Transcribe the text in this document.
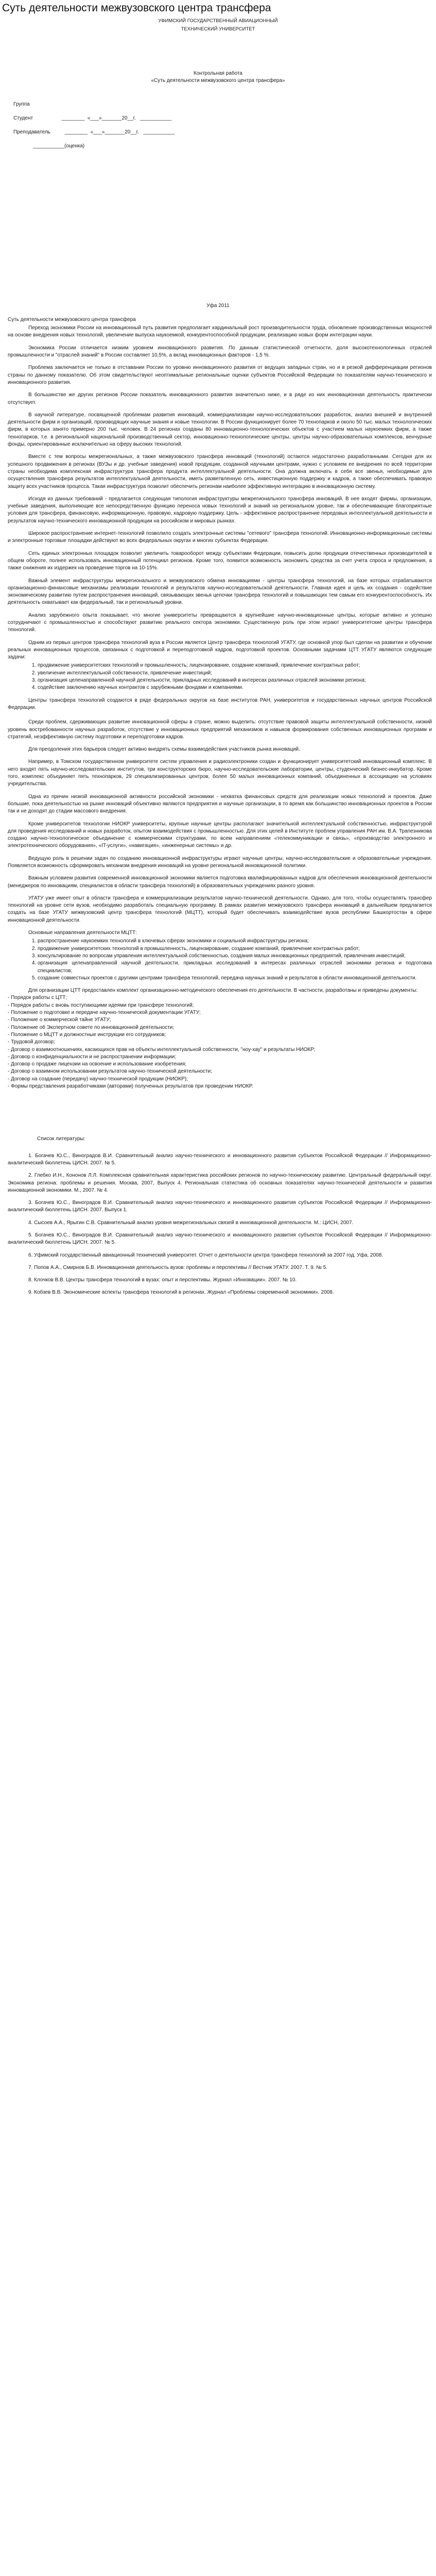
Суть деятельности межвузовского центра трансфера
УФИМСКИЙ ГОСУДАРСТВЕННЫЙ АВИАЦИОННЫЙ
ТЕХНИЧЕСКИЙ УНИВЕРСИТЕТ
Контрольная работа
«Суть деятельности межвузовского центра трансфера»
Группа
Студент                    ________  «___»_______20__г.   ___________
Преподаватель          ________  «___»_______20__г.   ___________
___________(оценка)
Уфа 2011
Суть деятельности межвузовского центра трансфера

Переход экономики России на инновационный путь развития предполагает кардинальный рост производительности труда, обновление производственных мощностей на основе внедрения новых технологий, увеличение выпуска наукоемкой, конкурентоспособной продукции, реализацию новых форм интеграции науки.

Экономика России отличается низким уровнем инновационного развития. По данным статистической отчетности, доля высокотехнологичных отраслей промышленности и "отраслей знаний" в России составляет 10,5%, а вклад инновационных факторов - 1,5 %.

Проблема заключается не только в отставании России по уровню инновационного развития от ведущих западных стран, но и в резкой дифференциации регионов страны по данному показателю. Об этом свидетельствуют неоптимальные региональные оценки субъектов Российской Федерации по показателям научно-технического и инновационного развития.

В большинстве же других регионов России показатель инновационного развития значительно ниже, и в ряде из них инновационная деятельность практически отсутствует.

В научной литературе, посвященной проблемам развития инноваций, коммерциализации научно-исследовательских разработок, анализ внешней и внутренней деятельности фирм и организаций, производящих научные знания и новые технологии. В России функционирует более 70 технопарков и около 50 тыс. малых технологических фирм, в которых занято примерно 200 тыс. человек. В 24 регионах созданы 80 инновационно-технологических объектов с участием малых наукоемких фирм, а также технопарков, т.е. в региональной национальной производственный сектор, инновационно-технологические центры, центры научно-образовательных комплексов, венчурные фонды, ориентированные исключительно на сферу высоких технологий.

Вместе с тем вопросы межрегиональных, а также межвузовского трансфера инноваций (технологий) остаются недостаточно разработанными. Сегодня для их успешного продвижения в регионах (ВУЗы и др. учебные заведения) новой продукции, созданной научными центрами, нужно с условием ее внедрения по всей территории страны необходима комплексная инфраструктура трансфера продукта интеллектуальной деятельности. Она должна включать в себя все звенья, необходимые для осуществления трансфера результатов интеллектуальной деятельности, иметь разветвленную сеть, инвестиционную поддержку и кадров, а также обеспечивать правовую защиту всех участников процесса. Такая инфраструктура позволит обеспечить регионам наиболее эффективную интеграцию в инновационную систему.

Исходя из данных требований - предлагается следующая типология инфраструктуры межрегионального трансфера инноваций. В нее входят фирмы, организации, учебные заведения, выполняющие все непосредственную функцию переноса новых технологий и знаний на региональном уровне, так и обеспечивающие благоприятные условия для трансфера, финансовую, информационную, правовую, кадровую поддержку. Цель - эффективное распространение передовых интеллектуальной деятельности и результатов научно-технического инновационной продукции на российском и мировых рынках.

Широкое распространение интернет-технологий позволило создать электронные системы "сетевого" трансфера технологий. Инновационно-информационные системы и электронные торговые площадки действуют во всех федеральных округах и многих субъектах Федерации.

Сеть единых электронных площадок позволит увеличить товарооборот между субъектами Федерации, повысить долю продукции отечественных производителей в общем обороте, полнее использовать инновационный потенциал регионов. Кроме того, появится возможность экономить средства за счет учета спроса и предложения, а также снижения их издержек на проведение торгов на 10-15%.

Важный элемент инфраструктуры межрегионального и межвузовского обмена инновациями - центры трансфера технологий, на базе которых отрабатываются организационно-финансовые механизмы реализации технологий и результатов научно-исследовательской деятельности. Главная идея и цель их создания - содействие экономическому развитию путем распространения инноваций, связывающих звенья цепочки трансфера технологий и повышающих тем самым его конкурентоспособность. Их деятельность охватывает как федеральный, так и региональный уровни.

Анализ зарубежного опыта показывает, что многие университеты превращаются в крупнейшие научно-инновационные центры, которые активно и успешно сотрудничают с промышленностью и способствуют развитию реального сектора экономики. Существенную роль при этом играют университетские центры трансфера технологий.

Одним из первых центров трансфера технологий вуза в России является Центр трансфера технологий УГАТУ, где основной упор был сделан на развитии и обучении реальных инновационных процессов, связанных с подготовкой и переподготовкой кадров, подготовкой проектов. Основными задачами ЦТТ УГАТУ являются следующие задачи:

1. продвижение университетских технологий и промышленность; лицензирование, создание компаний, привлечение контрактных работ;
2. увеличение интеллектуальной собственности, привлечение инвестиций;
3. организация целенаправленной научной деятельности, прикладных исследований в интересах различных отраслей экономики региона;
4. содействие заключению научных контрактов с зарубежными фондами и компаниями.

Центры трансфера технологий создаются в ряде федеральных округов на базе институтов РАН, университетов и государственных научных центров Российской Федерации.

Среди проблем, сдерживающих развитие инновационной сферы в стране, можно выделить: отсутствие правовой защиты интеллектуальной собственности, низкий уровень востребованности научных разработок, отсутствие у инновационных предприятий механизмов и навыков формирования собственных инновационных программ и стратегий, неэффективную систему подготовки и переподготовки кадров.

Для преодоления этих барьеров следует активно внедрять схемы взаимодействия участников рынка инноваций.

Например, в Томском государственном университете систем управления и радиоэлектроники создан и функционирует университетский инновационный комплекс. В него входят пять научно-исследовательских институтов, три конструкторских бюро, научно-исследовательские лаборатории, центры, студенческий бизнес-инкубатор. Кроме того, комплекс объединяет пять технопарков, 29 специализированных центров, более 50 малых инновационных компаний, объединенных в ассоциацию на условиях учредительства.

Одна из причин низкой инновационной активности российской экономики - нехватка финансовых средств для реализации новых технологий и проектов. Даже большие, пока деятельностью на рынке инноваций объективно являются предприятия и научные организации, в то время как большинство инновационных проектов в России так и не доходят до стадии массового внедрения.

Кроме университетов технологии НИОКР университеты, крупные научные центры располагают значительной интеллектуальной собственностью, инфраструктурой для проведения исследований и новых разработок, опытом взаимодействия с промышленностью. Для этих целей в Институте проблем управления РАН им. В.А. Трапезникова создано научно-технологическое объединение с коммерческими структурами, по всем направлениям «телекоммуникации и связь», «производство электронного и электротехнического оборудования», «IT-услуги», «навигация», «инженерные системы» и др.

Ведущую роль в решении задач по созданию инновационной инфраструктуры играют научные центры, научно-исследовательские и образовательные учреждения. Появляется возможность сформировать механизм внедрения инноваций на уровне региональной инновационной политики.

Важным условием развития современной инновационной экономики является подготовка квалифицированных кадров для обеспечения инновационной деятельности (менеджеров по инновациям, специалистов в области трансфера технологий) в образовательных учреждениях разного уровня.

УГАТУ уже имеет опыт в области трансфера и коммерциализации результатов научно-технической деятельности. Однако, для того, чтобы осуществлять трансфер технологий на уровне сети вузов, необходимо разработать специальную программу. В рамках развития межвузовского трансфера инноваций в дальнейшем предлагается создать на базе УГАТУ межвузовский центр трансфера технологий (МЦТТ), который будет обеспечивать взаимодействие вузов республики Башкортостан в сфере инновационной деятельности.

Основные направления деятельности МЦТТ:

1. распространение наукоемких технологий в ключевых сферах экономики и социальной инфраструктуры региона;
2. продвижение университетских технологий в промышленность, лицензирование, создание компаний, привлечение контрактных работ;
3. консультирование по вопросам управления интеллектуальной собственностью, создания малых инновационных предприятий, привлечения инвестиций;
4. организация целенаправленной научной деятельности, прикладных исследований в интересах различных отраслей экономики региона и подготовка специалистов;
5. создание совместных проектов с другими центрами трансфера технологий, передача научных знаний и результатов в области инновационной деятельности.

Для организации ЦТТ предоставлен комплект организационно-методического обеспечения его деятельности. В частности, разработаны и приведены документы:

- Порядок работы с ЦТТ;
- Порядок работы с вновь поступающими идеями при трансфере технологий;
- Положение о подготовке и передаче научно-технической документации УГАТУ;
- Положение о коммерческой тайне УГАТУ;
- Положение об Экспертном совете по инновационной деятельности;
- Положение о МЦТТ и должностные инструкции его сотрудников;
- Трудовой договор;
- Договор о взаимоотношениях, касающихся прав на объекты интеллектуальной собственности, "ноу-хау" и результаты НИОКР;
- Договор о конфиденциальности и не распространении информации;
- Договор о продаже лицензии на освоение и использование изобретения;
- Договор о взаимном использовании результатов научно-технической деятельности;
- Договор на создание (передачу) научно-технической продукции (НИОКР);
- Формы представления разработчиками (авторами) полученных результатов при проведении НИОКР.
Список литературы:
1. Богачев Ю.С., Виноградов В.И. Сравнительный анализ научно-технического и инновационного развития субъектов Российской Федерации // Информационно-аналитический бюллетень ЦИСН. 2007. № 5.
2. Глебко И.Н., Кононов Л.Л. Комплексная сравнительная характеристика российских регионов по научно-техническому развитию. Центральный федеральный округ. Экономика региона: проблемы и решения. Москва, 2007, Выпуск 4. Региональная статистика об основных показателях научно-технической деятельности и развития инновационной экономики. М., 2007. № 4.
3. Богачев Ю.С., Виноградов В.И. Сравнительный анализ научно-технического и инновационного развития субъектов Российской Федерации // Информационно-аналитический бюллетень ЦИСН. 2007. Выпуск 1.
4. Сысоев А.А., Ярыгин С.В. Сравнительный анализ уровня межрегиональных связей в инновационной деятельности. М.: ЦИСН, 2007.
5. Богачев Ю.С., Виноградов В.И. Сравнительный анализ научно-технического и инновационного развития субъектов Российской Федерации // Информационно-аналитический бюллетень ЦИСН. 2007. № 5.
6. Уфимский государственный авиационный технический университет. Отчет о деятельности центра трансфера технологий за 2007 год. Уфа, 2008.
7. Попов А.А., Смирнов Б.В. Инновационная деятельность вузов: проблемы и перспективы // Вестник УГАТУ. 2007. Т. 9. № 5.
8. Клочков В.В. Центры трансфера технологий в вузах: опыт и перспективы. Журнал «Инновации». 2007. № 10.
9. Кобзев В.В. Экономические аспекты трансфера технологий в регионах. Журнал «Проблемы современной экономики». 2008.
